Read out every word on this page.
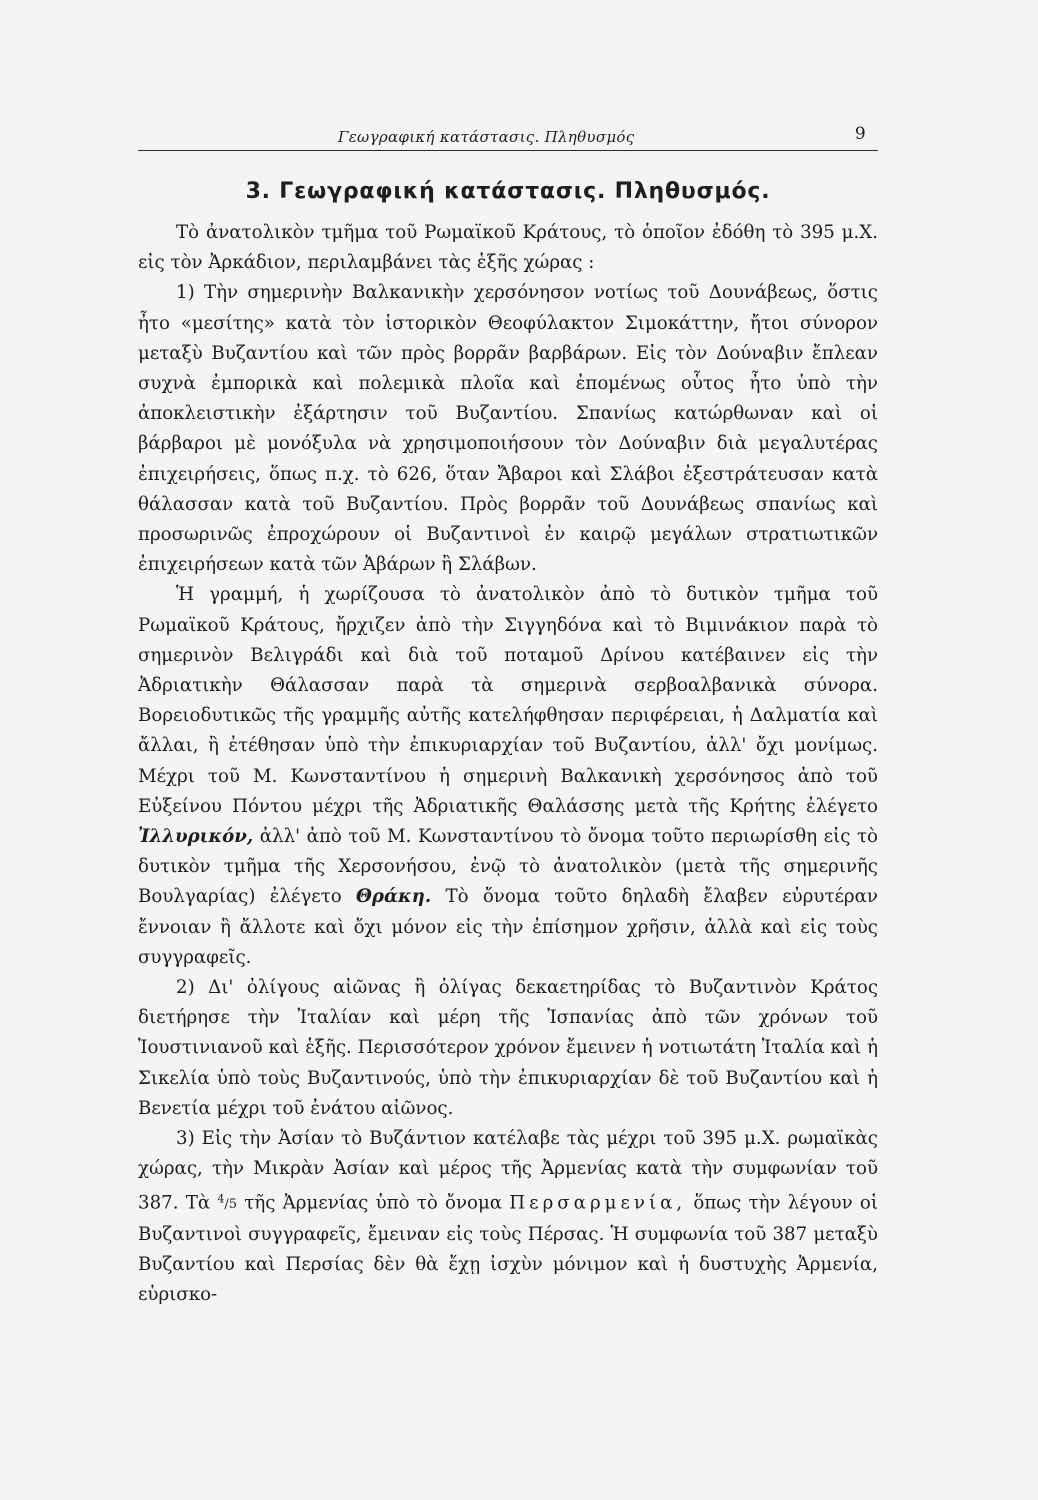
Γεωγραφική κατάστασις. Πληθυσμός	9
3. Γεωγραφική κατάστασις. Πληθυσμός.

Τὸ ἀνατολικὸν τμῆμα τοῦ Ρωμαϊκοῦ Κράτους, τὸ ὁποῖον ἐδόθη τὸ 395 μ.Χ. εἰς τὸν Ἀρκάδιον, περιλαμβάνει τὰς ἑξῆς χώρας :

1) Τὴν σημερινὴν Βαλκανικὴν χερσόνησον νοτίως τοῦ Δουνάβεως, ὅστις ἦτο «μεσίτης» κατὰ τὸν ἱστορικὸν Θεοφύλακτον Σιμοκάττην, ἤτοι σύνορον μεταξὺ Βυζαντίου καὶ τῶν πρὸς βορρᾶν βαρβάρων. Εἰς τὸν Δούναβιν ἔπλεαν συχνὰ ἐμπορικὰ καὶ πολεμικὰ πλοῖα καὶ ἐπομένως οὗτος ἦτο ὑπὸ τὴν ἀποκλειστικὴν ἐξάρτησιν τοῦ Βυζαντίου. Σπανίως κατώρθωναν καὶ οἱ βάρβαροι μὲ μονόξυλα νὰ χρησιμοποιήσουν τὸν Δούναβιν διὰ μεγαλυτέρας ἐπιχειρήσεις, ὅπως π.χ. τὸ 626, ὅταν Ἄβαροι καὶ Σλάβοι ἐξεστράτευσαν κατὰ θάλασσαν κατὰ τοῦ Βυζαντίου. Πρὸς βορρᾶν τοῦ Δουνάβεως σπανίως καὶ προσωρινῶς ἐπροχώρουν οἱ Βυζαντινοὶ ἐν καιρῷ μεγάλων στρατιωτικῶν ἐπιχειρήσεων κατὰ τῶν Ἀβάρων ἢ Σλάβων.

Ἡ γραμμή, ἡ χωρίζουσα τὸ ἀνατολικὸν ἀπὸ τὸ δυτικὸν τμῆμα τοῦ Ρωμαϊκοῦ Κράτους, ἤρχιζεν ἀπὸ τὴν Σιγγηδόνα καὶ τὸ Βιμινάκιον παρὰ τὸ σημερινὸν Βελιγράδι καὶ διὰ τοῦ ποταμοῦ Δρίνου κατέβαινεν εἰς τὴν Ἀδριατικὴν Θάλασσαν παρὰ τὰ σημερινὰ σερβοαλβανικὰ σύνορα. Βορειοδυτικῶς τῆς γραμμῆς αὐτῆς κατελήφθησαν περιφέρειαι, ἡ Δαλματία καὶ ἄλλαι, ἢ ἐτέθησαν ὑπὸ τὴν ἐπικυριαρχίαν τοῦ Βυζαντίου, ἀλλ' ὄχι μονίμως. Μέχρι τοῦ Μ. Κωνσταντίνου ἡ σημερινὴ Βαλκανικὴ χερσόνησος ἀπὸ τοῦ Εὐξείνου Πόντου μέχρι τῆς Ἀδριατικῆς Θαλάσσης μετὰ τῆς Κρήτης ἐλέγετο Ἰλλυρικόν, ἀλλ' ἀπὸ τοῦ Μ. Κωνσταντίνου τὸ ὄνομα τοῦτο περιωρίσθη εἰς τὸ δυτικὸν τμῆμα τῆς Χερσονήσου, ἐνῷ τὸ ἀνατολικὸν (μετὰ τῆς σημερινῆς Βουλγαρίας) ἐλέγετο Θράκη. Τὸ ὄνομα τοῦτο δηλαδὴ ἔλαβεν εὐρυτέραν ἔννοιαν ἢ ἄλλοτε καὶ ὄχι μόνον εἰς τὴν ἐπίσημον χρῆσιν, ἀλλὰ καὶ εἰς τοὺς συγγραφεῖς.

2) Δι' ὀλίγους αἰῶνας ἢ ὀλίγας δεκαετηρίδας τὸ Βυζαντινὸν Κράτος διετήρησε τὴν Ἰταλίαν καὶ μέρη τῆς Ἱσπανίας ἀπὸ τῶν χρόνων τοῦ Ἰουστινιανοῦ καὶ ἑξῆς. Περισσότερον χρόνον ἔμεινεν ἡ νοτιωτάτη Ἰταλία καὶ ἡ Σικελία ὑπὸ τοὺς Βυζαντινούς, ὑπὸ τὴν ἐπικυριαρχίαν δὲ τοῦ Βυζαντίου καὶ ἡ Βενετία μέχρι τοῦ ἐνάτου αἰῶνος.

3) Εἰς τὴν Ἀσίαν τὸ Βυζάντιον κατέλαβε τὰς μέχρι τοῦ 395 μ.Χ. ρωμαϊκὰς χώρας, τὴν Μικρὰν Ἀσίαν καὶ μέρος τῆς Ἀρμενίας κατὰ τὴν συμφωνίαν τοῦ 387. Τὰ $^4$/5 τῆς Ἀρμενίας ὑπὸ τὸ ὄνομα Περσαρμενία, ὅπως τὴν λέγουν οἱ Βυζαντινοὶ συγγραφεῖς, ἔμειναν εἰς τοὺς Πέρσας. Ἡ συμφωνία τοῦ 387 μεταξὺ Βυζαντίου καὶ Περσίας δὲν θὰ ἔχῃ ἰσχὺν μόνιμον καὶ ἡ δυστυχὴς Ἀρμενία, εὑρισκο-
